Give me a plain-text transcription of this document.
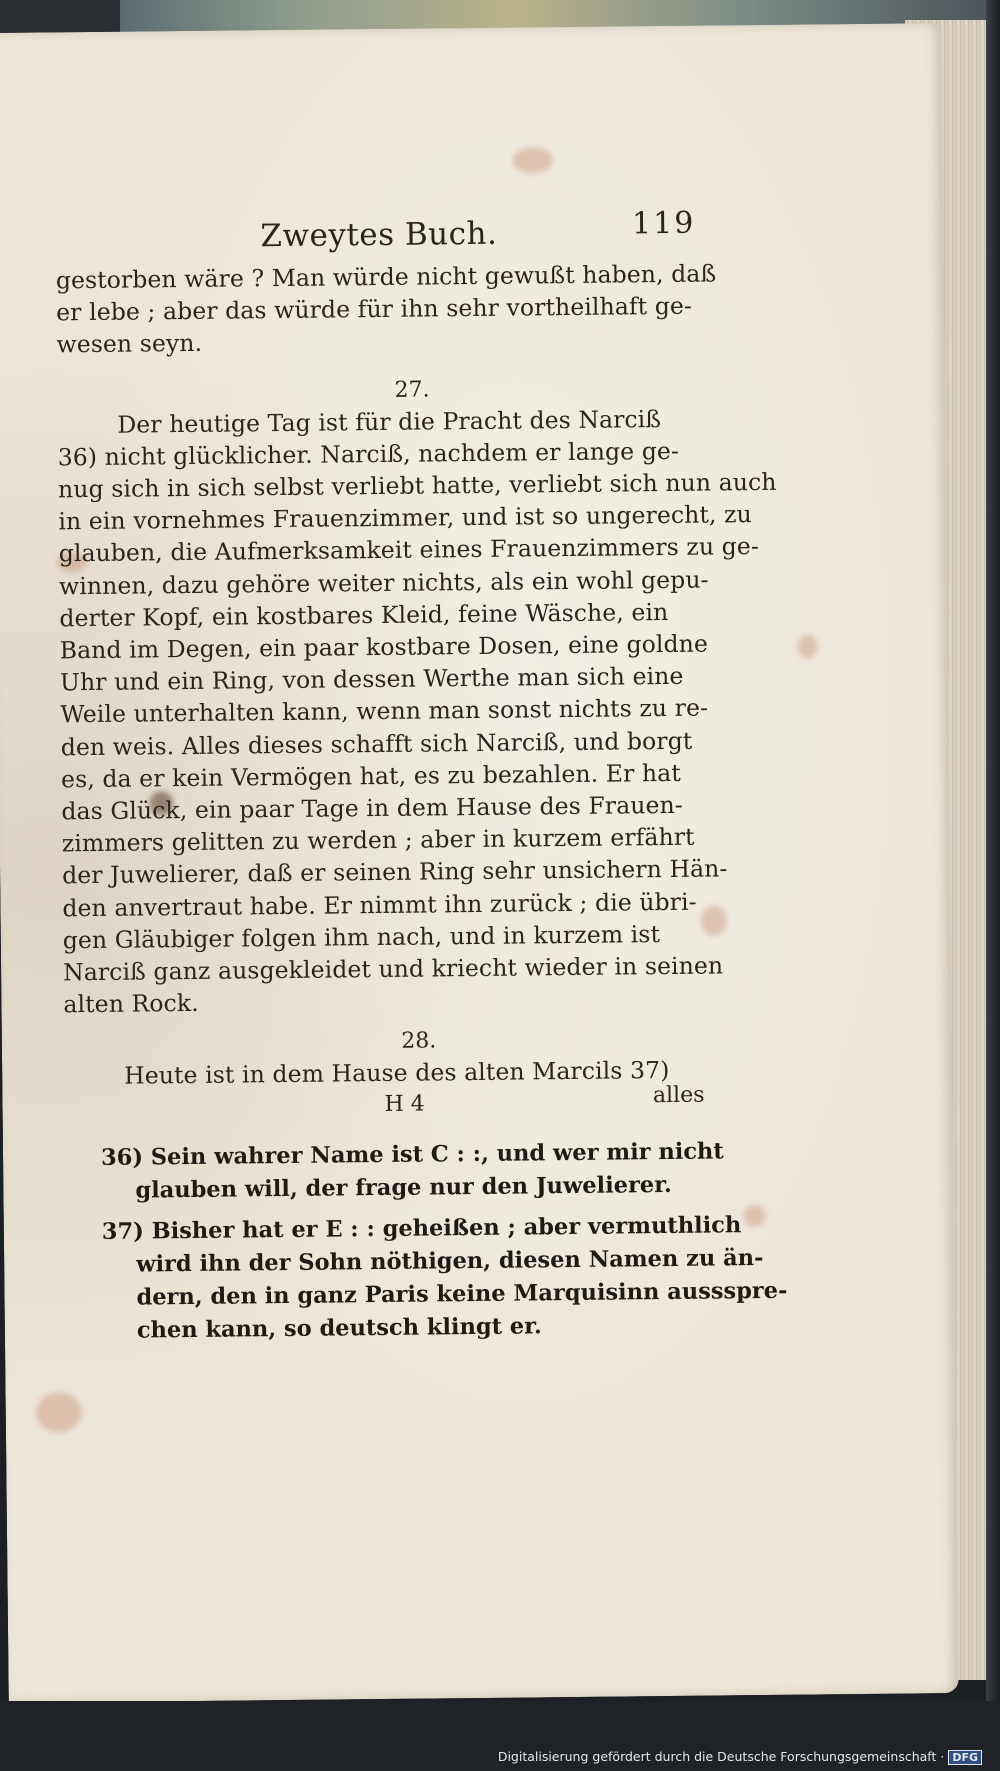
Zweytes Buch.	119
gestorben wäre ? Man würde nicht gewußt haben, daß
er lebe ; aber das würde für ihn sehr vortheilhaft ge-
wesen seyn.
27.
Der heutige Tag ist für die Pracht des Narciß
36) nicht glücklicher. Narciß, nachdem er lange ge-
nug sich in sich selbst verliebt hatte, verliebt sich nun auch
in ein vornehmes Frauenzimmer, und ist so ungerecht, zu
glauben, die Aufmerksamkeit eines Frauenzimmers zu ge-
winnen, dazu gehöre weiter nichts, als ein wohl gepu-
derter Kopf, ein kostbares Kleid, feine Wäsche, ein
Band im Degen, ein paar kostbare Dosen, eine goldne
Uhr und ein Ring, von dessen Werthe man sich eine
Weile unterhalten kann, wenn man sonst nichts zu re-
den weis. Alles dieses schafft sich Narciß, und borgt
es, da er kein Vermögen hat, es zu bezahlen. Er hat
das Glück, ein paar Tage in dem Hause des Frauen-
zimmers gelitten zu werden ; aber in kurzem erfährt
der Juwelierer, daß er seinen Ring sehr unsichern Hän-
den anvertraut habe. Er nimmt ihn zurück ; die übri-
gen Gläubiger folgen ihm nach, und in kurzem ist
Narciß ganz ausgekleidet und kriecht wieder in seinen
alten Rock.
28.
Heute ist in dem Hause des alten Marcils 37)
H 4	alles
36) Sein wahrer Name ist C : :, und wer mir nicht
glauben will, der frage nur den Juwelierer.
37) Bisher hat er E : : geheißen ; aber vermuthlich
wird ihn der Sohn nöthigen, diesen Namen zu än-
dern, den in ganz Paris keine Marquisinn aussspre-
chen kann, so deutsch klingt er.
Digitalisierung gefördert durch die Deutsche Forschungsgemeinschaft · DFG
